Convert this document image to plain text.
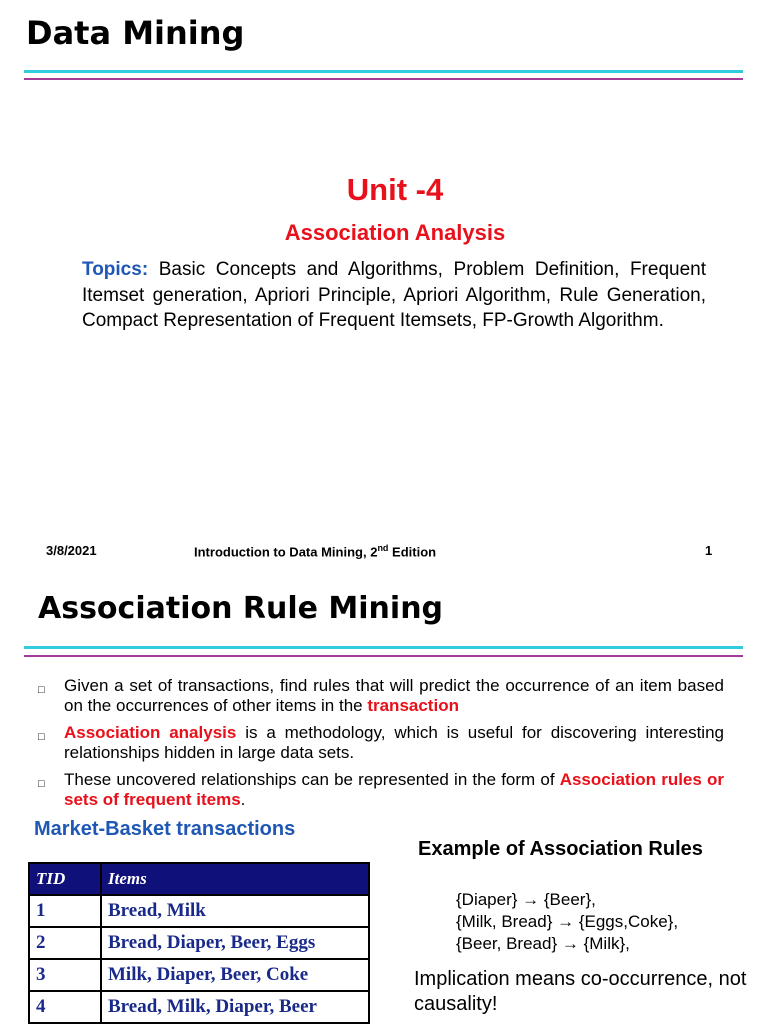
Data Mining
Unit -4
Association Analysis
Topics: Basic Concepts and Algorithms, Problem Definition, Frequent Itemset generation, Apriori Principle, Apriori Algorithm, Rule Generation, Compact Representation of Frequent Itemsets, FP-Growth Algorithm.
3/8/2021	Introduction to Data Mining, 2nd Edition	1
Association Rule Mining
□	Given a set of transactions, find rules that will predict the occurrence of an item based on the occurrences of other items in the transaction
□	Association analysis is a methodology, which is useful for discovering interesting relationships hidden in large data sets.
□	These uncovered relationships can be represented in the form of Association rules or sets of frequent items.
Market-Basket transactions
TID	Items
1	Bread, Milk
2	Bread, Diaper, Beer, Eggs
3	Milk, Diaper, Beer, Coke
4	Bread, Milk, Diaper, Beer
Example of Association Rules
{Diaper} → {Beer},
{Milk, Bread} → {Eggs,Coke},
{Beer, Bread} → {Milk},
Implication means co-occurrence, not causality!
